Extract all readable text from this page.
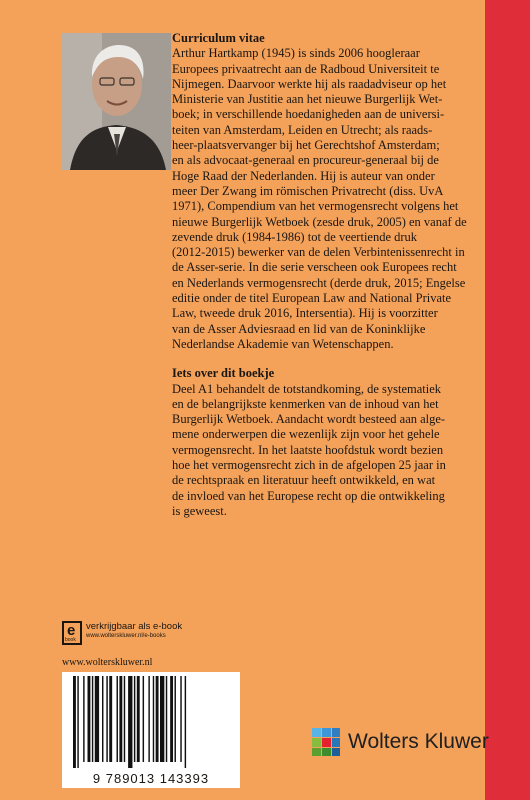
Curriculum vitae

Arthur Hartkamp (1945) is sinds 2006 hoogleraar

Europees privaatrecht aan de Radboud Universiteit te

Nijmegen. Daarvoor werkte hij als raadadviseur op het

Ministerie van Justitie aan het nieuwe Burgerlijk Wet-

boek; in verschillende hoedanigheden aan de universi-

teiten van Amsterdam, Leiden en Utrecht; als raads-

heer-plaatsvervanger bij het Gerechtshof Amsterdam;

en als advocaat-generaal en procureur-generaal bij de

Hoge Raad der Nederlanden. Hij is auteur van onder

meer Der Zwang im römischen Privatrecht (diss. UvA

1971), Compendium van het vermogensrecht volgens het

nieuwe Burgerlijk Wetboek (zesde druk, 2005) en vanaf de

zevende druk (1984-1986) tot de veertiende druk

(2012-2015) bewerker van de delen Verbintenissenrecht in

de Asser-serie. In die serie verscheen ook Europees recht

en Nederlands vermogensrecht (derde druk, 2015; Engelse

editie onder de titel European Law and National Private

Law, tweede druk 2016, Intersentia). Hij is voorzitter

van de Asser Adviesraad en lid van de Koninklijke

Nederlandse Akademie van Wetenschappen.

Iets over dit boekje

Deel A1 behandelt de totstandkoming, de systematiek

en de belangrijkste kenmerken van de inhoud van het

Burgerlijk Wetboek. Aandacht wordt besteed aan alge-

mene onderwerpen die wezenlijk zijn voor het gehele

vermogensrecht. In het laatste hoofdstuk wordt bezien

hoe het vermogensrecht zich in de afgelopen 25 jaar in

de rechtspraak en literatuur heeft ontwikkeld, en wat

de invloed van het Europese recht op die ontwikkeling

is geweest.

e
book
verkrijgbaar als e-book
www.wolterskluwer.nl/e-books
www.wolterskluwer.nl
9 789013 143393
Wolters Kluwer
